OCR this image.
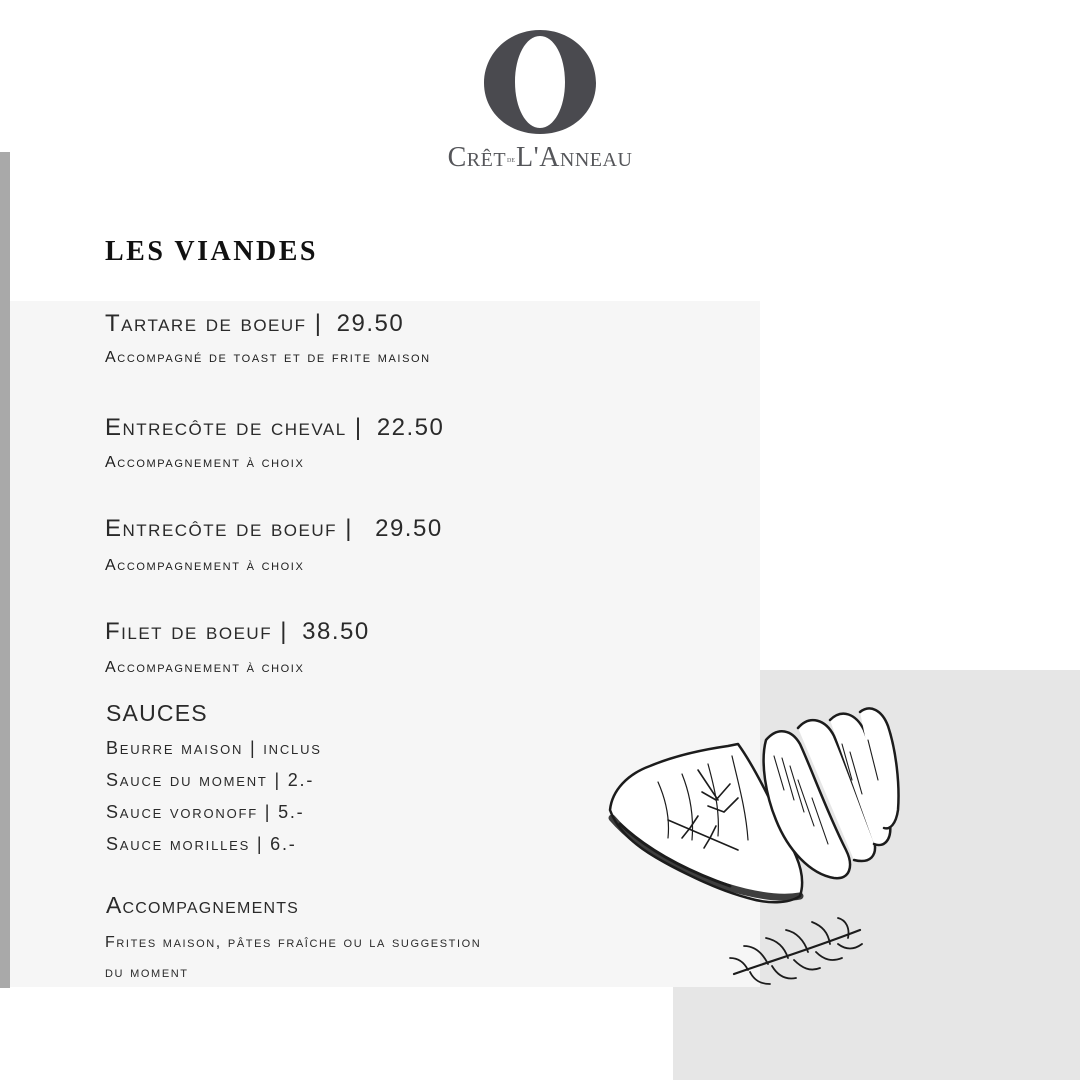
CrêtdeL'Anneau
LES VIANDES
Tartare de boeuf | 29.50
Accompagné de toast et de frite maison
Entrecôte de cheval | 22.50
Accompagnement à choix
Entrecôte de boeuf | 29.50
Accompagnement à choix
Filet de boeuf | 38.50
Accompagnement à choix
SAUCES
Beurre maison | inclus
Sauce du moment | 2.-
Sauce voronoff | 5.-
Sauce morilles | 6.-
Accompagnements
Frites maison, pâtes fraîche ou la suggestion du moment
